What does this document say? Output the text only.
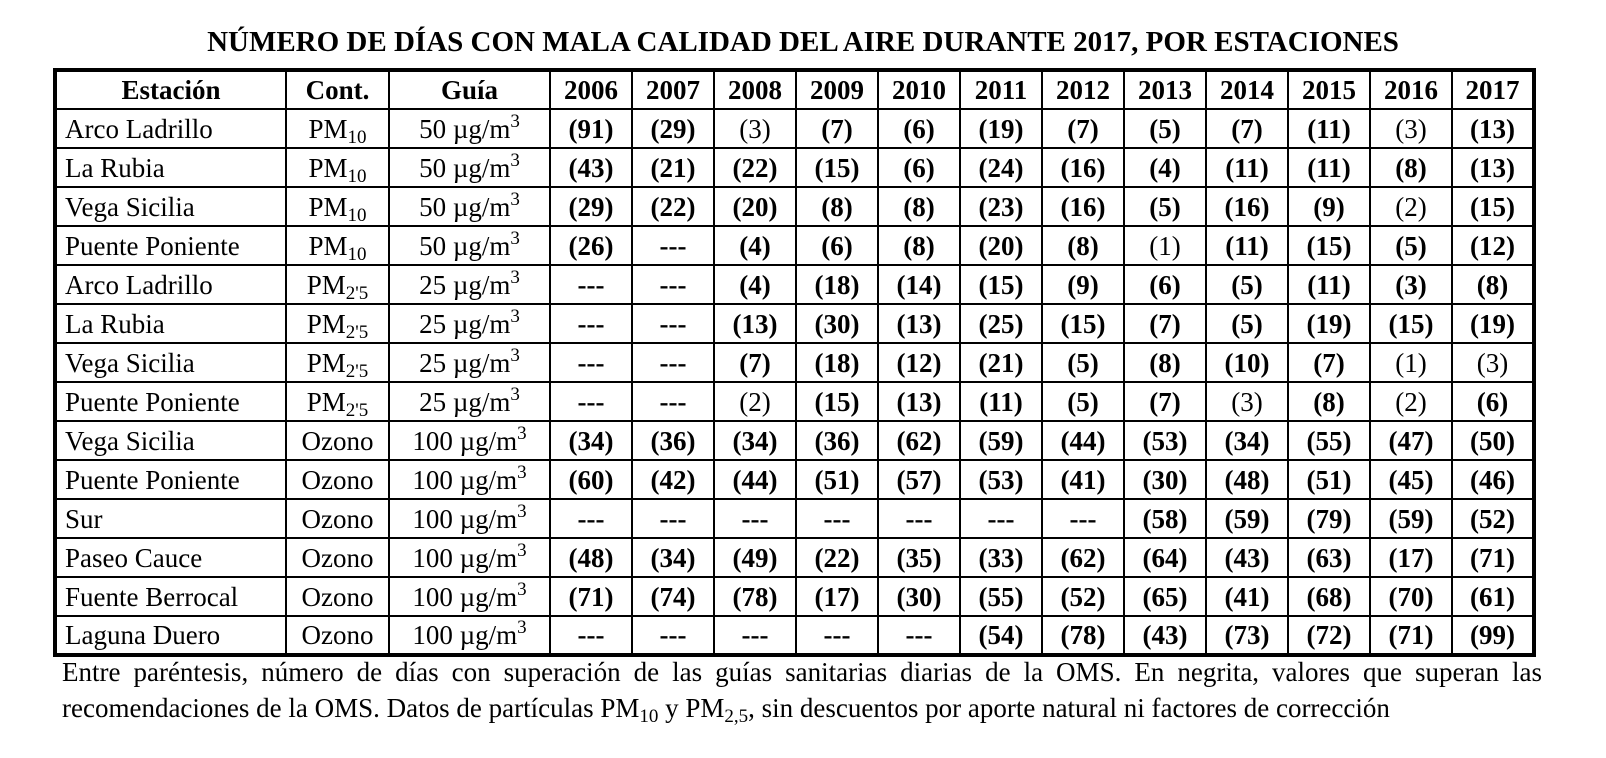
NÚMERO DE DÍAS CON MALA CALIDAD DEL AIRE DURANTE 2017, POR ESTACIONES
Estación	Cont.	Guía	2006	2007	2008	2009	2010	2011	2012	2013	2014	2015	2016	2017
Arco Ladrillo	$PM_{10}$	50 $\mu g/m^3$	(91)	(29)	(3)	(7)	(6)	(19)	(7)	(5)	(7)	(11)	(3)	(13)
La Rubia	$PM_{10}$	50 $\mu g/m^3$	(43)	(21)	(22)	(15)	(6)	(24)	(16)	(4)	(11)	(11)	(8)	(13)
Vega Sicilia	$PM_{10}$	50 $\mu g/m^3$	(29)	(22)	(20)	(8)	(8)	(23)	(16)	(5)	(16)	(9)	(2)	(15)
Puente Poniente	$PM_{10}$	50 $\mu g/m^3$	(26)	---	(4)	(6)	(8)	(20)	(8)	(1)	(11)	(15)	(5)	(12)
Arco Ladrillo	$PM_{2'5}$	25 $\mu g/m^3$	---	---	(4)	(18)	(14)	(15)	(9)	(6)	(5)	(11)	(3)	(8)
La Rubia	$PM_{2'5}$	25 $\mu g/m^3$	---	---	(13)	(30)	(13)	(25)	(15)	(7)	(5)	(19)	(15)	(19)
Vega Sicilia	$PM_{2'5}$	25 $\mu g/m^3$	---	---	(7)	(18)	(12)	(21)	(5)	(8)	(10)	(7)	(1)	(3)
Puente Poniente	$PM_{2'5}$	25 $\mu g/m^3$	---	---	(2)	(15)	(13)	(11)	(5)	(7)	(3)	(8)	(2)	(6)
Vega Sicilia	Ozono	100 $\mu g/m^3$	(34)	(36)	(34)	(36)	(62)	(59)	(44)	(53)	(34)	(55)	(47)	(50)
Puente Poniente	Ozono	100 $\mu g/m^3$	(60)	(42)	(44)	(51)	(57)	(53)	(41)	(30)	(48)	(51)	(45)	(46)
Sur	Ozono	100 $\mu g/m^3$	---	---	---	---	---	---	---	(58)	(59)	(79)	(59)	(52)
Paseo Cauce	Ozono	100 $\mu g/m^3$	(48)	(34)	(49)	(22)	(35)	(33)	(62)	(64)	(43)	(63)	(17)	(71)
Fuente Berrocal	Ozono	100 $\mu g/m^3$	(71)	(74)	(78)	(17)	(30)	(55)	(52)	(65)	(41)	(68)	(70)	(61)
Laguna Duero	Ozono	100 $\mu g/m^3$	---	---	---	---	---	(54)	(78)	(43)	(73)	(72)	(71)	(99)
Entre paréntesis, número de días con superación de las guías sanitarias diarias de la OMS. En negrita, valores que superan las recomendaciones de la OMS. Datos de partículas $PM_{10}$ y $PM_{2,5}$, sin descuentos por aporte natural ni factores de corrección
